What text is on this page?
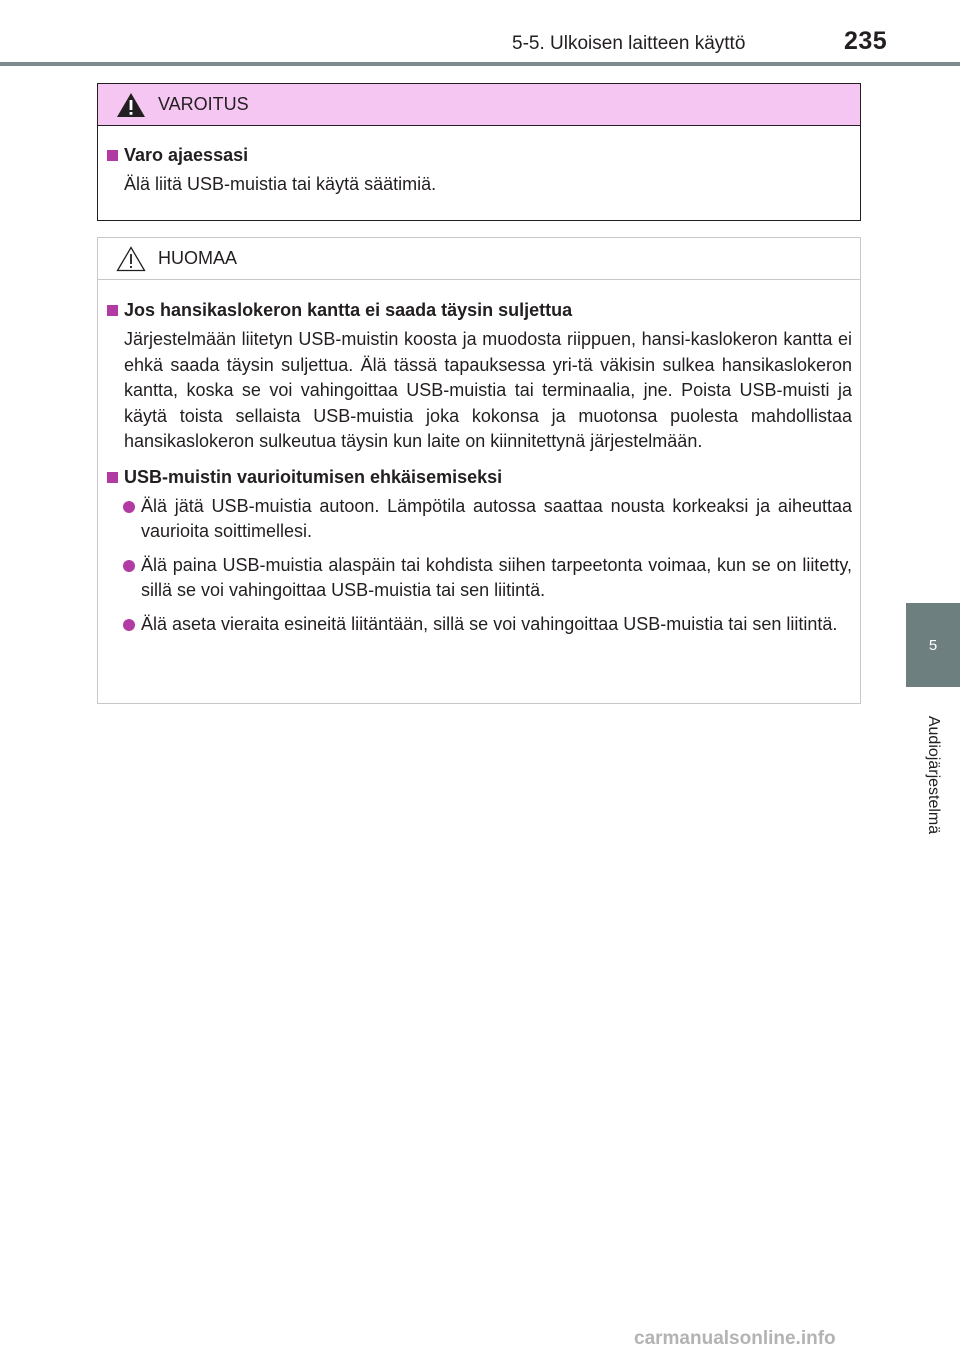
5-5. Ulkoisen laitteen käyttö	235
5
Audiojärjestelmä
VAROITUS
Varo ajaessasi
Älä liitä USB-muistia tai käytä säätimiä.
HUOMAA
Jos hansikaslokeron kantta ei saada täysin suljettua
Järjestelmään liitetyn USB-muistin koosta ja muodosta riippuen, hansi-kaslokeron kantta ei ehkä saada täysin suljettua. Älä tässä tapauksessa yri-tä väkisin sulkea hansikaslokeron kantta, koska se voi vahingoittaa USB-muistia tai terminaalia, jne. Poista USB-muisti ja käytä toista sellaista USB-muistia joka kokonsa ja muotonsa puolesta mahdollistaa hansikaslokeron sulkeutua täysin kun laite on kiinnitettynä järjestelmään.
USB-muistin vaurioitumisen ehkäisemiseksi
Älä jätä USB-muistia autoon. Lämpötila autossa saattaa nousta korkeaksi ja aiheuttaa vaurioita soittimellesi.
Älä paina USB-muistia alaspäin tai kohdista siihen tarpeetonta voimaa, kun se on liitetty, sillä se voi vahingoittaa USB-muistia tai sen liitintä.
Älä aseta vieraita esineitä liitäntään, sillä se voi vahingoittaa USB-muistia tai sen liitintä.
carmanualsonline.info
